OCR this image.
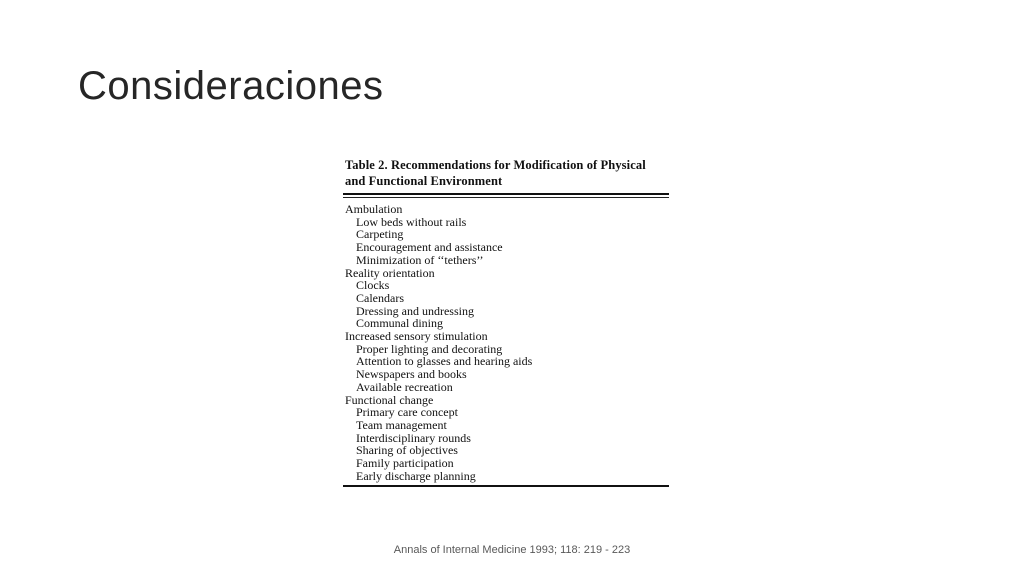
Consideraciones
Table 2. Recommendations for Modification of Physical
and Functional Environment
Ambulation
Low beds without rails
Carpeting
Encouragement and assistance
Minimization of ‘‘tethers’’
Reality orientation
Clocks
Calendars
Dressing and undressing
Communal dining
Increased sensory stimulation
Proper lighting and decorating
Attention to glasses and hearing aids
Newspapers and books
Available recreation
Functional change
Primary care concept
Team management
Interdisciplinary rounds
Sharing of objectives
Family participation
Early discharge planning
Annals of Internal Medicine 1993; 118: 219 - 223
